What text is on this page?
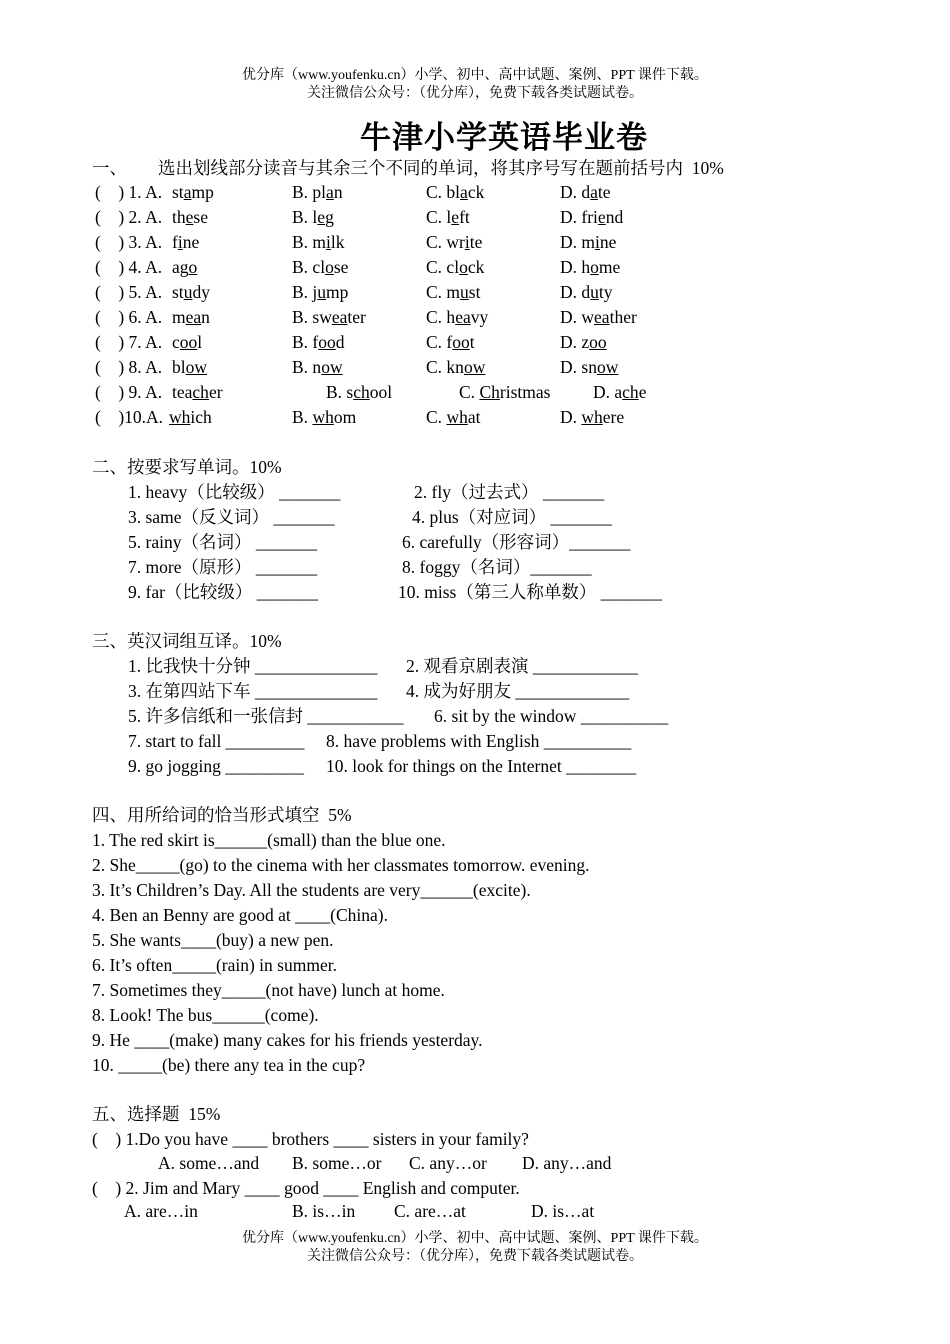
优分库（www.youfenku.cn）小学、初中、高中试题、案例、PPT 课件下载。
关注微信公众号：（优分库），免费下载各类试题试卷。
牛津小学英语毕业卷
一、 选出划线部分读音与其余三个不同的单词，将其序号写在题前括号内  10%
(    ) 1. A. stamp	B. plan	C. black	D. date
(    ) 2. A. these	B. leg	C. left	D. friend
(    ) 3. A. fine	B. milk	C. write	D. mine
(    ) 4. A. ago	B. close	C. clock	D. home
(    ) 5. A. study	B. jump	C. must	D. duty
(    ) 6. A. mean	B. sweater	C. heavy	D. weather
(    ) 7. A. cool	B. food	C. foot	D. zoo
(    ) 8. A. blow	B. now	C. know	D. snow
(    ) 9. A. teacher	B. school	C. Christmas D. ache
(    )10.A. which	B. whom	C. what	D. where
二、按要求写单词。10%
1. heavy（比较级） _______	2. fly（过去式） _______
3. same（反义词） _______	4. plus（对应词） _______
5. rainy（名词） _______	6. carefully（形容词）_______
7. more（原形） _______	8. foggy（名词）_______
9. far（比较级） _______	10. miss（第三人称单数） _______
三、英汉词组互译。10%
1. 比我快十分钟 ______________ 2. 观看京剧表演 ____________
3. 在第四站下车 ______________ 4. 成为好朋友 _____________
5. 许多信纸和一张信封 ___________ 6. sit by the window __________
7. start to fall _________ 8. have problems with English __________
9. go jogging _________ 10. look for things on the Internet ________
四、用所给词的恰当形式填空  5%
1. The red skirt is______(small) than the blue one.
2. She_____(go) to the cinema with her classmates tomorrow. evening.
3. It’s Children’s Day. All the students are very______(excite).
4. Ben an Benny are good at ____(China).
5. She wants____(buy) a new pen.
6. It’s often_____(rain) in summer.
7. Sometimes they_____(not have) lunch at home.
8. Look! The bus______(come).
9. He ____(make) many cakes for his friends yesterday.
10. _____(be) there any tea in the cup?
五、选择题  15%
(    ) 1.Do you have ____ brothers ____ sisters in your family?
A. some…and B. some…or C. any…or D. any…and
(    ) 2. Jim and Mary ____ good ____ English and computer.
A. are…in	B. is…in C. are…at	D. is…at
优分库（www.youfenku.cn）小学、初中、高中试题、案例、PPT 课件下载。
关注微信公众号：（优分库），免费下载各类试题试卷。
